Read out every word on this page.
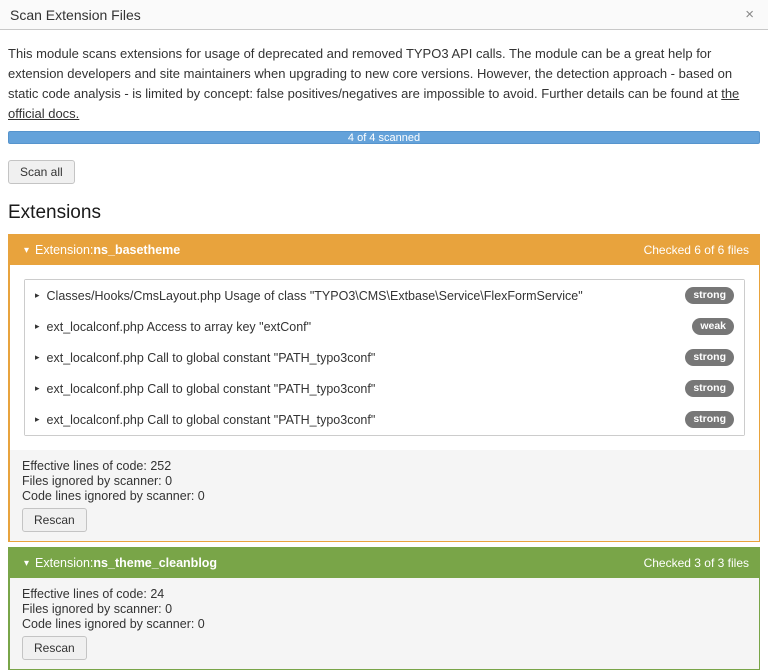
Scan Extension Files	×

This module scans extensions for usage of deprecated and removed TYPO3 API calls. The module can be a great help for extension developers and site maintainers when upgrading to new core versions. However, the detection approach - based on static code analysis - is limited by concept: false positives/negatives are impossible to avoid. Further details can be found at the official docs.

4 of 4 scanned
Scan all
Extensions
▾ Extension: ns_basetheme	Checked 6 of 6 files
▸ Classes/Hooks/CmsLayout.php Usage of class "TYPO3\CMS\Extbase\Service\FlexFormService"	strong
▸ ext_localconf.php Access to array key "extConf"	weak
▸ ext_localconf.php Call to global constant "PATH_typo3conf"	strong
▸ ext_localconf.php Call to global constant "PATH_typo3conf"	strong
▸ ext_localconf.php Call to global constant "PATH_typo3conf"	strong
Effective lines of code: 252
Files ignored by scanner: 0
Code lines ignored by scanner: 0
Rescan
▾ Extension: ns_theme_cleanblog	Checked 3 of 3 files
Effective lines of code: 24
Files ignored by scanner: 0
Code lines ignored by scanner: 0
Rescan
